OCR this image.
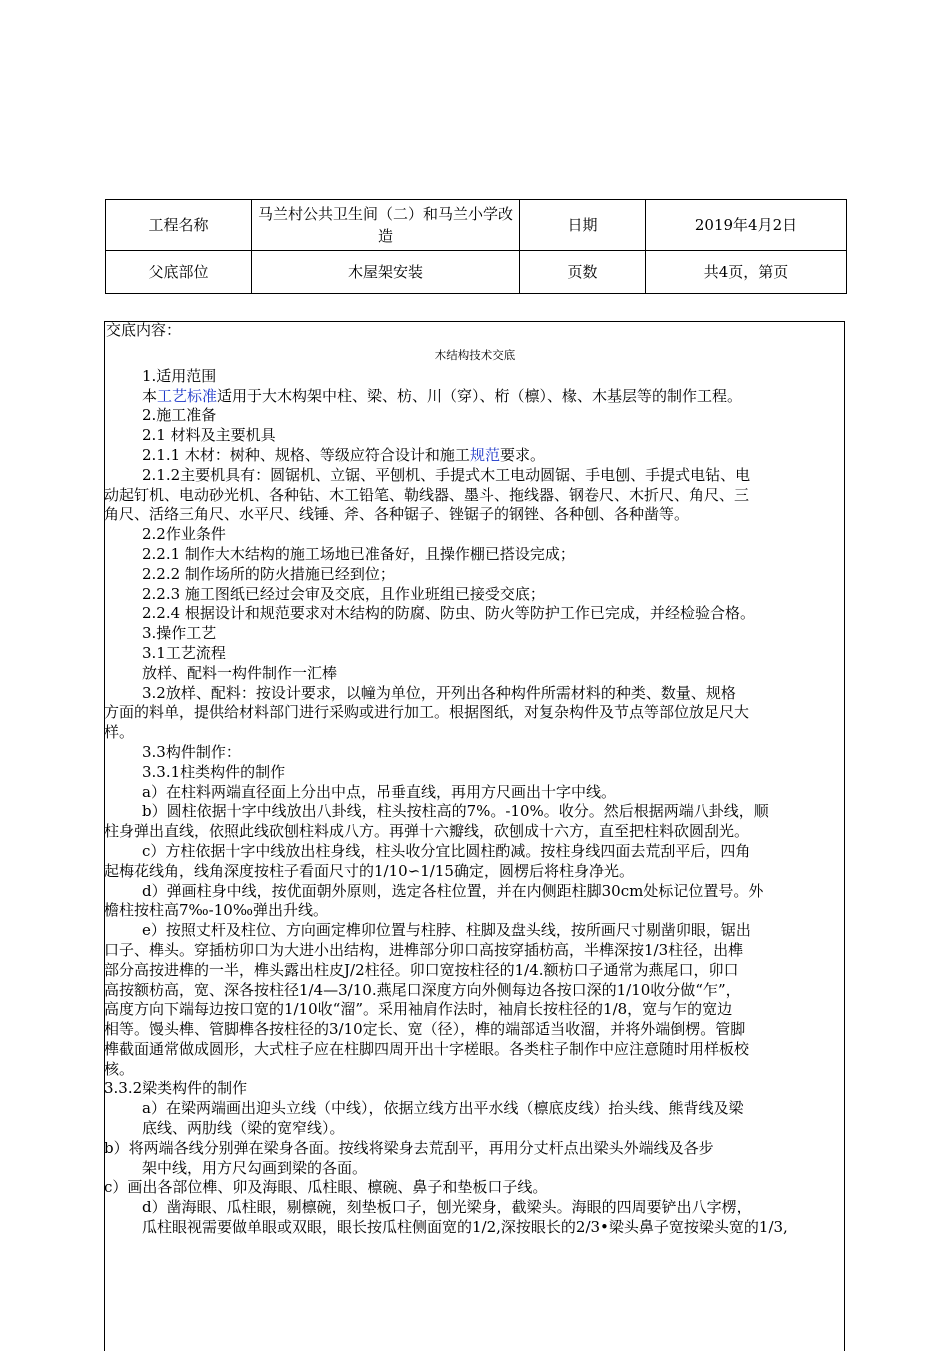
工程名称	马兰村公共卫生间（二）和马兰小学改造	日期	2019年4月2日
父底部位	木屋架安装	页数	共4页，第页

交底内容：

木结构技术交底

1.适用范围

本工艺标准适用于大木构架中柱、梁、枋、川（穿）、桁（檩）、椽、木基层等的制作工程。

2.施工准备

2.1 材料及主要机具

2.1.1 木材：树种、规格、等级应符合设计和施工规范要求。

2.1.2主要机具有：圆锯机、立锯、平刨机、手提式木工电动圆锯、手电刨、手提式电钻、电

动起钉机、电动砂光机、各种钻、木工铅笔、勒线器、墨斗、拖线器、钢卷尺、木折尺、角尺、三

角尺、活络三角尺、水平尺、线锤、斧、各种锯子、锉锯子的钢锉、各种刨、各种凿等。

2.2作业条件

2.2.1 制作大木结构的施工场地已准备好，且操作棚已搭设完成；

2.2.2 制作场所的防火措施已经到位；

2.2.3 施工图纸已经过会审及交底，且作业班组已接受交底；

2.2.4 根据设计和规范要求对木结构的防腐、防虫、防火等防护工作已完成，并经检验合格。

3.操作工艺

3.1工艺流程

放样、配料一构件制作一汇棒

3.2放样、配料：按设计要求，以幢为单位，开列出各种构件所需材料的种类、数量、规格

方面的料单，提供给材料部门进行采购或进行加工。根据图纸，对复杂构件及节点等部位放足尺大

样。

3.3构件制作：

3.3.1柱类构件的制作

a）在柱料两端直径面上分出中点，吊垂直线，再用方尺画出十字中线。

b）圆柱依据十字中线放出八卦线，柱头按柱高的7%。-10%。收分。然后根据两端八卦线，顺

柱身弹出直线，依照此线砍刨柱料成八方。再弹十六瓣线，砍刨成十六方，直至把柱料砍圆刮光。

c）方柱依据十字中线放出柱身线，柱头收分宜比圆柱酌减。按柱身线四面去荒刮平后，四角

起梅花线角，线角深度按柱子看面尺寸的1/10∽1/15确定，圆楞后将柱身净光。

d）弹画柱身中线，按优面朝外原则，选定各柱位置，并在内侧距柱脚30cm处标记位置号。外

檐柱按柱高7‰-10‰弹出升线。

e）按照丈杆及柱位、方向画定榫卯位置与柱脖、柱脚及盘头线，按所画尺寸剔凿卯眼，锯出

口子、榫头。穿插枋卯口为大进小出结构，进榫部分卯口高按穿插枋高，半榫深按1/3柱径，出榫

部分高按进榫的一半，榫头露出柱皮J/2柱径。卯口宽按柱径的1/4.额枋口子通常为燕尾口，卯口

高按额枋高，宽、深各按柱径1/4—3/10.燕尾口深度方向外侧每边各按口深的1/10收分做“乍”，

高度方向下端每边按口宽的1/10收“溜”。采用袖肩作法时，袖肩长按柱径的1/8，宽与乍的宽边

相等。馒头榫、管脚榫各按柱径的3/10定长、宽（径），榫的端部适当收溜，并将外端倒楞。管脚

榫截面通常做成圆形，大式柱子应在柱脚四周开出十字槎眼。各类柱子制作中应注意随时用样板校

核。

3.3.2梁类构件的制作

a）在梁两端画出迎头立线（中线），依据立线方出平水线（檩底皮线）抬头线、熊背线及梁

底线、两肋线（梁的宽窄线）。

b）将两端各线分别弹在梁身各面。按线将梁身去荒刮平，再用分丈杆点出梁头外端线及各步

架中线，用方尺勾画到梁的各面。

c）画出各部位榫、卯及海眼、瓜柱眼、檩碗、鼻子和垫板口子线。

d）凿海眼、瓜柱眼，剔檩碗，刻垫板口子，刨光梁身，截梁头。海眼的四周要铲出八字楞，

瓜柱眼视需要做单眼或双眼，眼长按瓜柱侧面宽的1/2,深按眼长的2/3•梁头鼻子宽按梁头宽的1/3,
